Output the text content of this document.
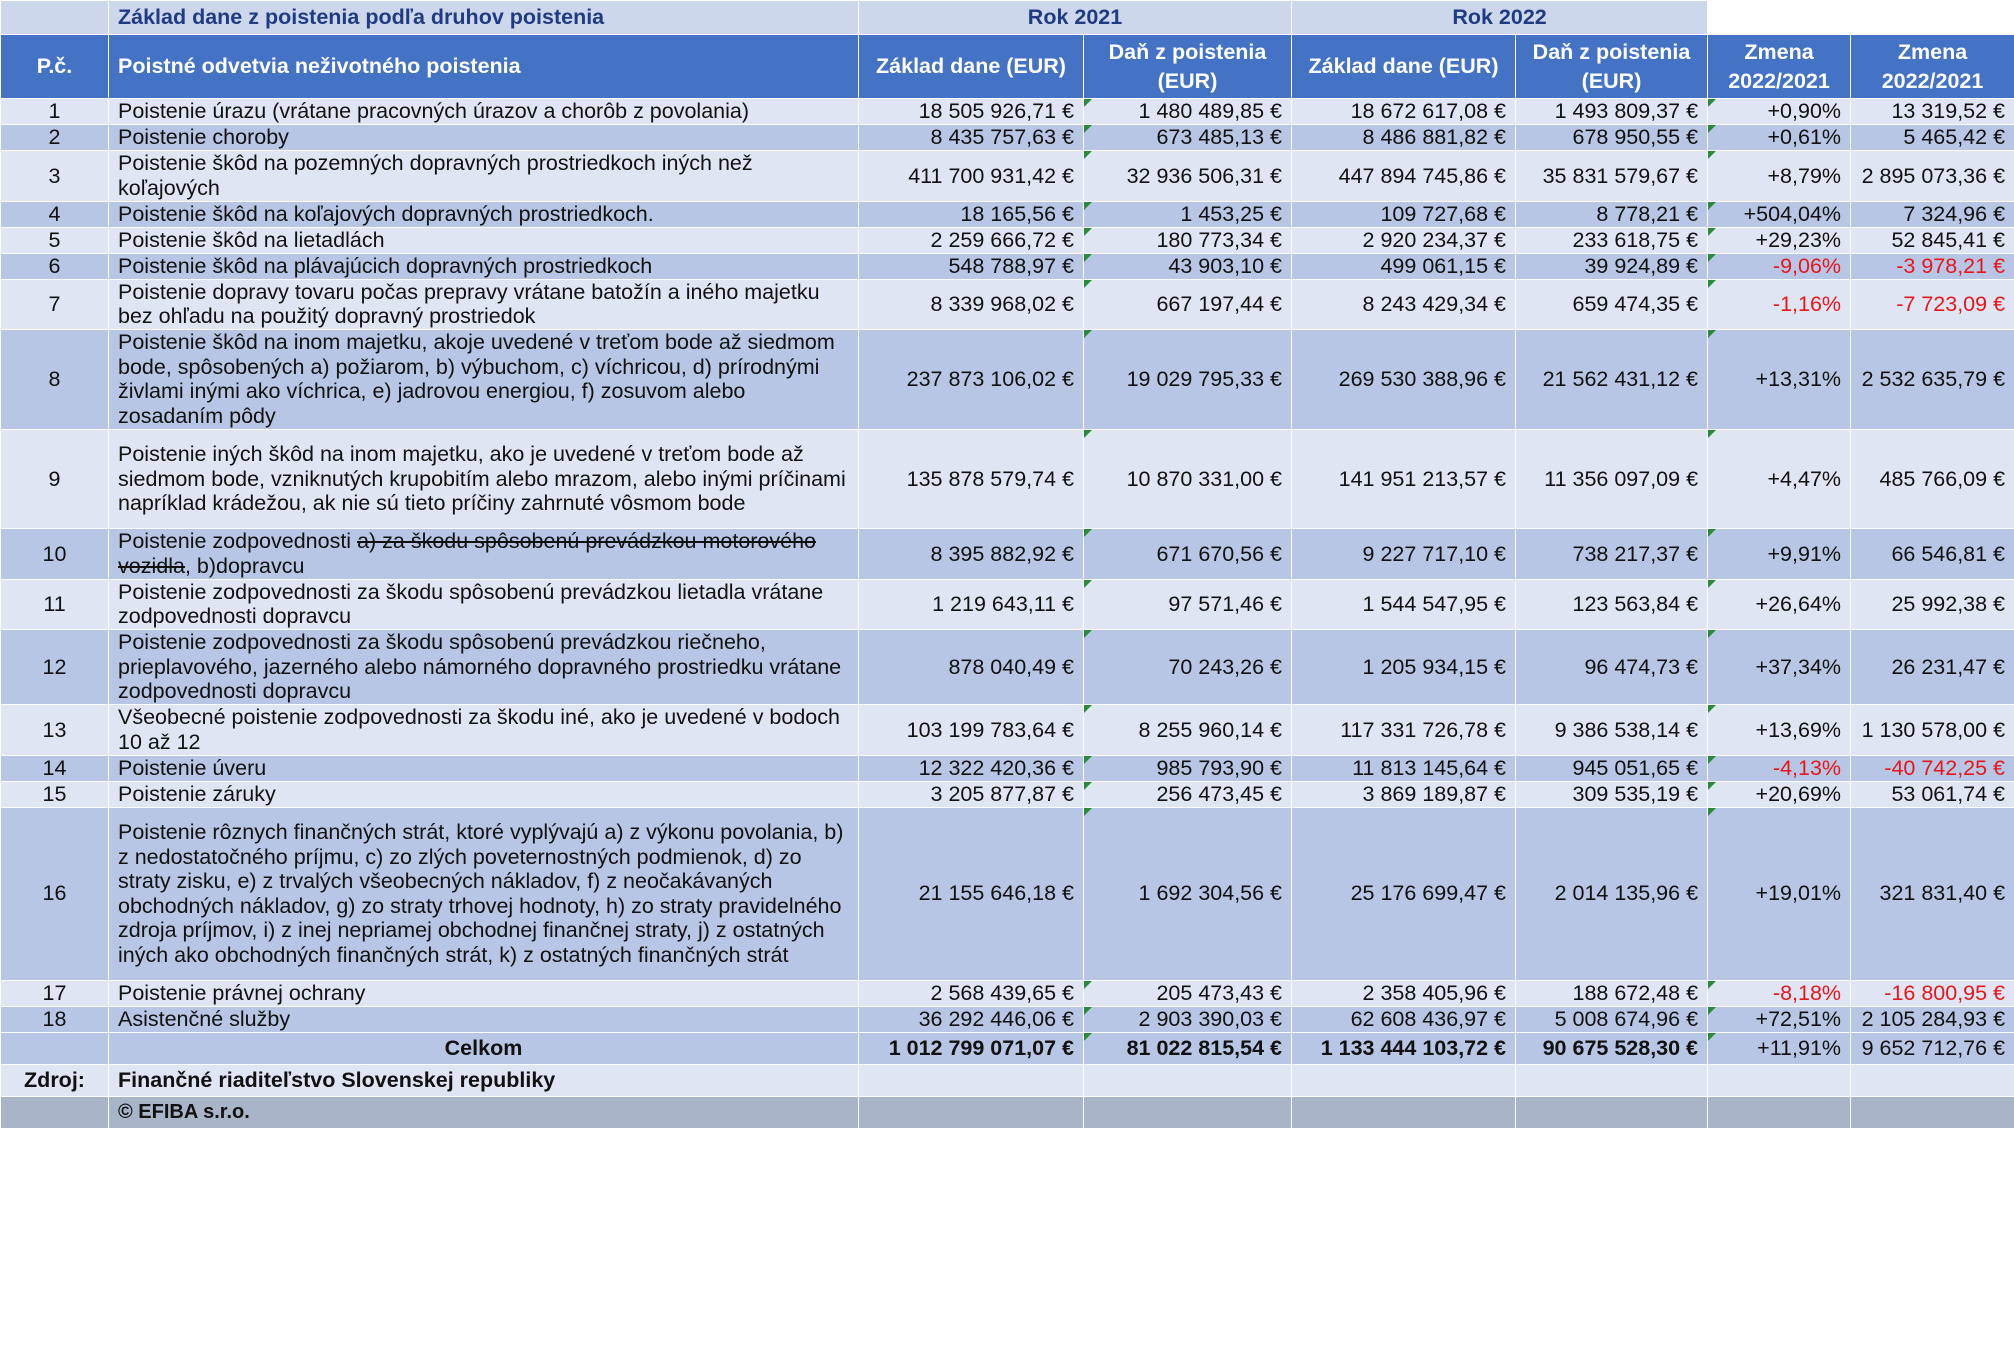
	Základ dane z poistenia podľa druhov poistenia	Rok 2021		Rok 2022			
P.č.	Poistné odvetvia neživotného poistenia	Základ dane (EUR)	Daň z poistenia (EUR)	Základ dane (EUR)	Daň z poistenia (EUR)	Zmena 2022/2021	Zmena 2022/2021
1	Poistenie úrazu (vrátane pracovných úrazov a chorôb z povolania)	18 505 926,71 €	1 480 489,85 €	18 672 617,08 €	1 493 809,37 €	+0,90%	13 319,52 €
2	Poistenie choroby	8 435 757,63 €	673 485,13 €	8 486 881,82 €	678 950,55 €	+0,61%	5 465,42 €
3	Poistenie škôd na pozemných dopravných prostriedkoch iných než koľajových	411 700 931,42 €	32 936 506,31 €	447 894 745,86 €	35 831 579,67 €	+8,79%	2 895 073,36 €
4	Poistenie škôd na koľajových dopravných prostriedkoch.	18 165,56 €	1 453,25 €	109 727,68 €	8 778,21 €	+504,04%	7 324,96 €
5	Poistenie škôd na lietadlách	2 259 666,72 €	180 773,34 €	2 920 234,37 €	233 618,75 €	+29,23%	52 845,41 €
6	Poistenie škôd na plávajúcich dopravných prostriedkoch	548 788,97 €	43 903,10 €	499 061,15 €	39 924,89 €	-9,06%	-3 978,21 €
7	Poistenie dopravy tovaru počas prepravy vrátane batožín a iného majetku bez ohľadu na použitý dopravný prostriedok	8 339 968,02 €	667 197,44 €	8 243 429,34 €	659 474,35 €	-1,16%	-7 723,09 €
8	Poistenie škôd na inom majetku, akoje uvedené v treťom bode až siedmom bode, spôsobených a) požiarom, b) výbuchom, c) víchricou, d) prírodnými živlami inými ako víchrica, e) jadrovou energiou, f) zosuvom alebo zosadaním pôdy	237 873 106,02 €	19 029 795,33 €	269 530 388,96 €	21 562 431,12 €	+13,31%	2 532 635,79 €
9	Poistenie iných škôd na inom majetku, ako je uvedené v treťom bode až siedmom bode, vzniknutých krupobitím alebo mrazom, alebo inými príčinami napríklad krádežou, ak nie sú tieto príčiny zahrnuté vôsmom bode	135 878 579,74 €	10 870 331,00 €	141 951 213,57 €	11 356 097,09 €	+4,47%	485 766,09 €
10	Poistenie zodpovednosti a) za škodu spôsobenú prevádzkou motorového vozidla, b)dopravcu	8 395 882,92 €	671 670,56 €	9 227 717,10 €	738 217,37 €	+9,91%	66 546,81 €
11	Poistenie zodpovednosti za škodu spôsobenú prevádzkou lietadla vrátane zodpovednosti dopravcu	1 219 643,11 €	97 571,46 €	1 544 547,95 €	123 563,84 €	+26,64%	25 992,38 €
12	Poistenie zodpovednosti za škodu spôsobenú prevádzkou riečneho, prieplavového, jazerného alebo námorného dopravného prostriedku vrátane zodpovednosti dopravcu	878 040,49 €	70 243,26 €	1 205 934,15 €	96 474,73 €	+37,34%	26 231,47 €
13	Všeobecné poistenie zodpovednosti za škodu iné, ako je uvedené v bodoch 10 až 12	103 199 783,64 €	8 255 960,14 €	117 331 726,78 €	9 386 538,14 €	+13,69%	1 130 578,00 €
14	Poistenie úveru	12 322 420,36 €	985 793,90 €	11 813 145,64 €	945 051,65 €	-4,13%	-40 742,25 €
15	Poistenie záruky	3 205 877,87 €	256 473,45 €	3 869 189,87 €	309 535,19 €	+20,69%	53 061,74 €
16	Poistenie rôznych finančných strát, ktoré vyplývajú a) z výkonu povolania, b) z nedostatočného príjmu, c) zo zlých poveternostných podmienok, d) zo straty zisku, e) z trvalých všeobecných nákladov, f) z neočakávaných obchodných nákladov, g) zo straty trhovej hodnoty, h) zo straty pravidelného zdroja príjmov, i) z inej nepriamej obchodnej finančnej straty, j) z ostatných iných ako obchodných finančných strát, k) z ostatných finančných strát	21 155 646,18 €	1 692 304,56 €	25 176 699,47 €	2 014 135,96 €	+19,01%	321 831,40 €
17	Poistenie právnej ochrany	2 568 439,65 €	205 473,43 €	2 358 405,96 €	188 672,48 €	-8,18%	-16 800,95 €
18	Asistenčné služby	36 292 446,06 €	2 903 390,03 €	62 608 436,97 €	5 008 674,96 €	+72,51%	2 105 284,93 €
	Celkom	1 012 799 071,07 €	81 022 815,54 €	1 133 444 103,72 €	90 675 528,30 €	+11,91%	9 652 712,76 €
Zdroj:	Finančné riaditeľstvo Slovenskej republiky						
	© EFIBA s.r.o.						
